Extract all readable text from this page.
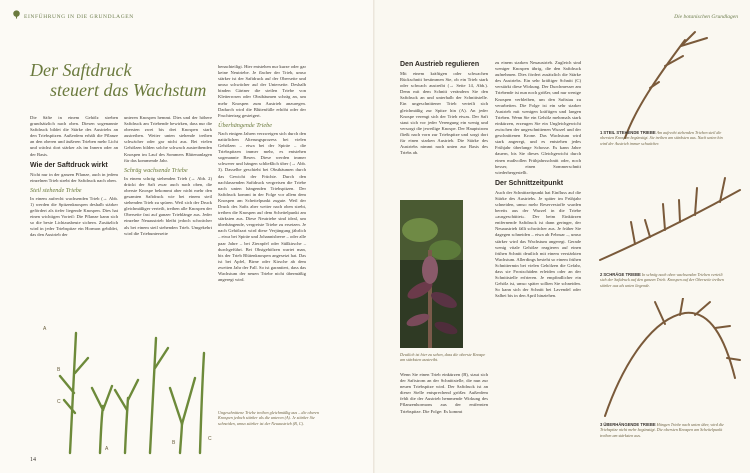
EINFÜHRUNG IN DIE GRUNDLAGEN
Der Saftdruck
steuert das Wachstum

Die Säfte in einem Gehölz streben grundsätzlich nach oben. Diesen sogenannte Saftdruck bildet die Stärke des Austriebs an den Triebspitzen. Außerdem erhält die Pflanze an den oberen und äußeren Trieben mehr Licht und wächst dort stärker als im Innern oder an der Basis.

Wie der Saftdruck wirkt

Nicht nur in der ganzen Pflanze, auch in jedem einzelnen Trieb strebt der Saftdruck nach oben.

Steil stehende Triebe

In einem aufrecht wachsenden Trieb (→ Abb. 1) werden die Spitzenknospen deshalb stärker gefördert als tiefer liegende Knospen. Dies hat einen wichtigen Vorteil: Die Pflanze kann sich so die beste Lichtausbeute sichern. Zusätzlich wird in jeder Triebspitze ein Hormon gebildet, das den Austrieb der

unteren Knospen hemmt. Dies und der höhere Saftdruck am Triebende bewirken, dass nur die obersten zwei bis drei Knospen stark austreiben. Weiter unten stehende treiben schwächer oder gar nicht aus. Bei vielen Gehölzen bilden solche schwach austreibenden Knospen im Lauf des Sommers Blütenanlagen für das kommende Jahr.

Schräg wachsende Triebe

In einem schräg stehenden Trieb (→ Abb. 2) drückt der Saft zwar auch nach oben, die oberste Knospe bekommt aber nicht mehr den gesamten Saftdruck wie bei einem steil stehenden Trieb zu spüren. Weil sich der Druck gleichmäßiger verteilt, treiben alle Knospen der Oberseite fast auf ganzer Trieblänge aus. Jeder einzelne Neuaustrieb bleibt jedoch schwächer als bei einem steil stehenden Trieb. Umgekehrt wird die Triebunterseite

benachteiligt. Hier entstehen nur kurze oder gar keine Neutriebe. Je flacher der Trieb, umso stärker ist der Saftdruck auf der Oberseite und umso schwächer auf der Unterseite. Deshalb binden Gärtner die steilen Triebe von Kletterrosen oder Obstbäumen schräg an, um mehr Knospen zum Austrieb anzuregen. Dadurch wird die Blütenfülle erhöht oder der Fruchtertrag gesteigert.

Überhängende Triebe

Nach einigen Jahren verzweigen sich durch den natürlichen Alterungsprozess bei vielen Gehölzen – etwa bei der Spiräe – die Triebspitzen immer mehr, es entstehen sogenannte Besen. Diese werden immer schwerer und hängen schließlich über (→ Abb. 3). Dasselbe geschieht bei Obstbäumen durch das Gewicht der Früchte. Durch den nachlassenden Saftdruck vergreisen die Triebe nach unten hängenden Triebspitzen. Der Saftdruck kommt in der Folge vor allem dem Knospen am Scheitelpunkt zugute. Weil der Druck des Safts aber weiter nach oben strebt, treiben die Knospen auf dem Scheitelpunkt am stärksten aus. Diese Neutriebe sind ideal, um überhängende, vergreiste Triebe zu ersetzen. Je nach Gehölzart wird diese Verjüngung jährlich – etwa bei Spiräe und Johannisbeere – oder alle paar Jahre – bei Zierapfel oder Süßkirsche – durchgeführt. Bei Obstgehölzen wartet man, bis der Trieb Blütenknospen angesetzt hat. Das ist bei Apfel, Birne oder Kirsche ab dem zweiten Jahr der Fall. So ist garantiert, dass das Wachstum der neuen Triebe nicht übermäßig angeregt wird.

A
B
C
A
B
C
Ungeschnittene Triebe treiben gleichmäßig aus – die oberen Knospen jedoch stärker als die unteren (A). Je stärker Sie schneiden, umso stärker ist der Neuaustrieb (B, C).
14
Die botanischen Grundlagen
Den Austrieb regulieren

Mit einem kräftigen oder schwachen Rückschnitt bestimmen Sie, ob ein Trieb stark oder schwach austreibt (→ Seite 14, Abb.). Denn mit dem Schnitt verändern Sie den Saftdruck an und unterhalb der Schnittstelle. Ein ungeschnittener Trieb verteilt sich gleichmäßig zur Spitze hin (A). An jeder Knospe verengt sich der Trieb etwas. Der Saft staut sich vor jeder Verengung ein wenig und versorgt die jeweilige Knospe. Der Hauptstrom fließt nach vorn zur Triebspitze und sorgt dort für einen starken Austrieb. Die Stärke des Austriebs nimmt nach unten zur Basis des Triebs ab.

Wenn Sie einen Trieb einkürzen (B), staut sich der Saftstrom an der Schnittstelle, die nun zur neuen Triebspitze wird. Der Saftdruck ist an dieser Stelle entsprechend größer. Außerdem fehlt die der Austrieb hemmende Wirkung des Pflanzenhormons aus der entfernten Triebspitze. Die Folge: Es kommt

Deutlich ist hier zu sehen, dass die oberste Knospe am stärksten austreibt.

zu einem starken Neuaustrieb. Zugleich sind weniger Knospen übrig, die den Saftdruck aufnehmen. Dies fördert zusätzlich die Stärke des Austriebs. Ein sehr kräftiger Schnitt (C) verstärkt diese Wirkung. Der Durchmesser am Triebende ist nun noch größer, und nur wenige Knospen verbleiben, um den Saftstau zu verarbeiten. Die Folge ist ein sehr starker Austrieb mit wenigen kräftigen und langen Trieben. Wenn Sie ein Gehölz mehrmals stark einkürzen, erzeugen Sie ein Ungleichgewicht zwischen der ungeschnittenen Wurzel und der geschnittenen Krone. Das Wachstum wird stark angeregt, und es entstehen jedes Frühjahr überlange Schosse. Es kann Jahre dauern, bis Sie dieses Gleichgewicht durch einen maßvollen Frühjahrsschnitt oder, noch besser, einen Sommerschnitt wiederhergestellt.

Der Schnittzeitpunkt

Auch der Schnittzeitpunkt hat Einfluss auf die Stärke des Austriebs. Je später im Frühjahr schneiden, umso mehr Reservestoffe wurden bereits aus der Wurzel in die Triebe »ausgeschüttet«. Der beim Einkürzen entfernende Saftdruck ist dann geringer, der Neuaustrieb fällt schwächer aus. Je früher Sie dagegen schneiden – etwa ab Februar –, umso stärker wird das Wachstum angeregt. Gerade wenig vitale Gehölze reagieren auf einen frühen Schnitt deutlich mit einem verstärkten Wachstum. Allerdings besteht so einem frühen Schnittermin bei vielen Gehölzen die Gefahr, dass sie Frostschäden erleiden oder an der Schnittstelle erfrieren. Je empfindlicher ein Gehölz ist, umso später sollten Sie schneiden. So kann sich der Schnitt bei Lavendel oder Salbei bis in den April hinziehen.

1 STEIL STEHENDE TRIEBE Am aufrecht stehenden Trieben steil die obersten Knospen begünstigt. Sie treiben am stärksten aus. Nach unten hin wird der Austrieb immer schwächer.
2 SCHRÄGE TRIEBE In schräg nach oben wachsenden Trieben verteilt sich der Saftdruck auf den ganzen Trieb. Knospen auf der Oberseite treiben stärker aus als unten liegende.
3 ÜBERHÄNGENDE TRIEBE Hängen Triebe nach unten über, wird die Triebspitze nicht mehr begünstigt. Die obersten Knospen am Scheitelpunkt treiben am stärksten aus.
